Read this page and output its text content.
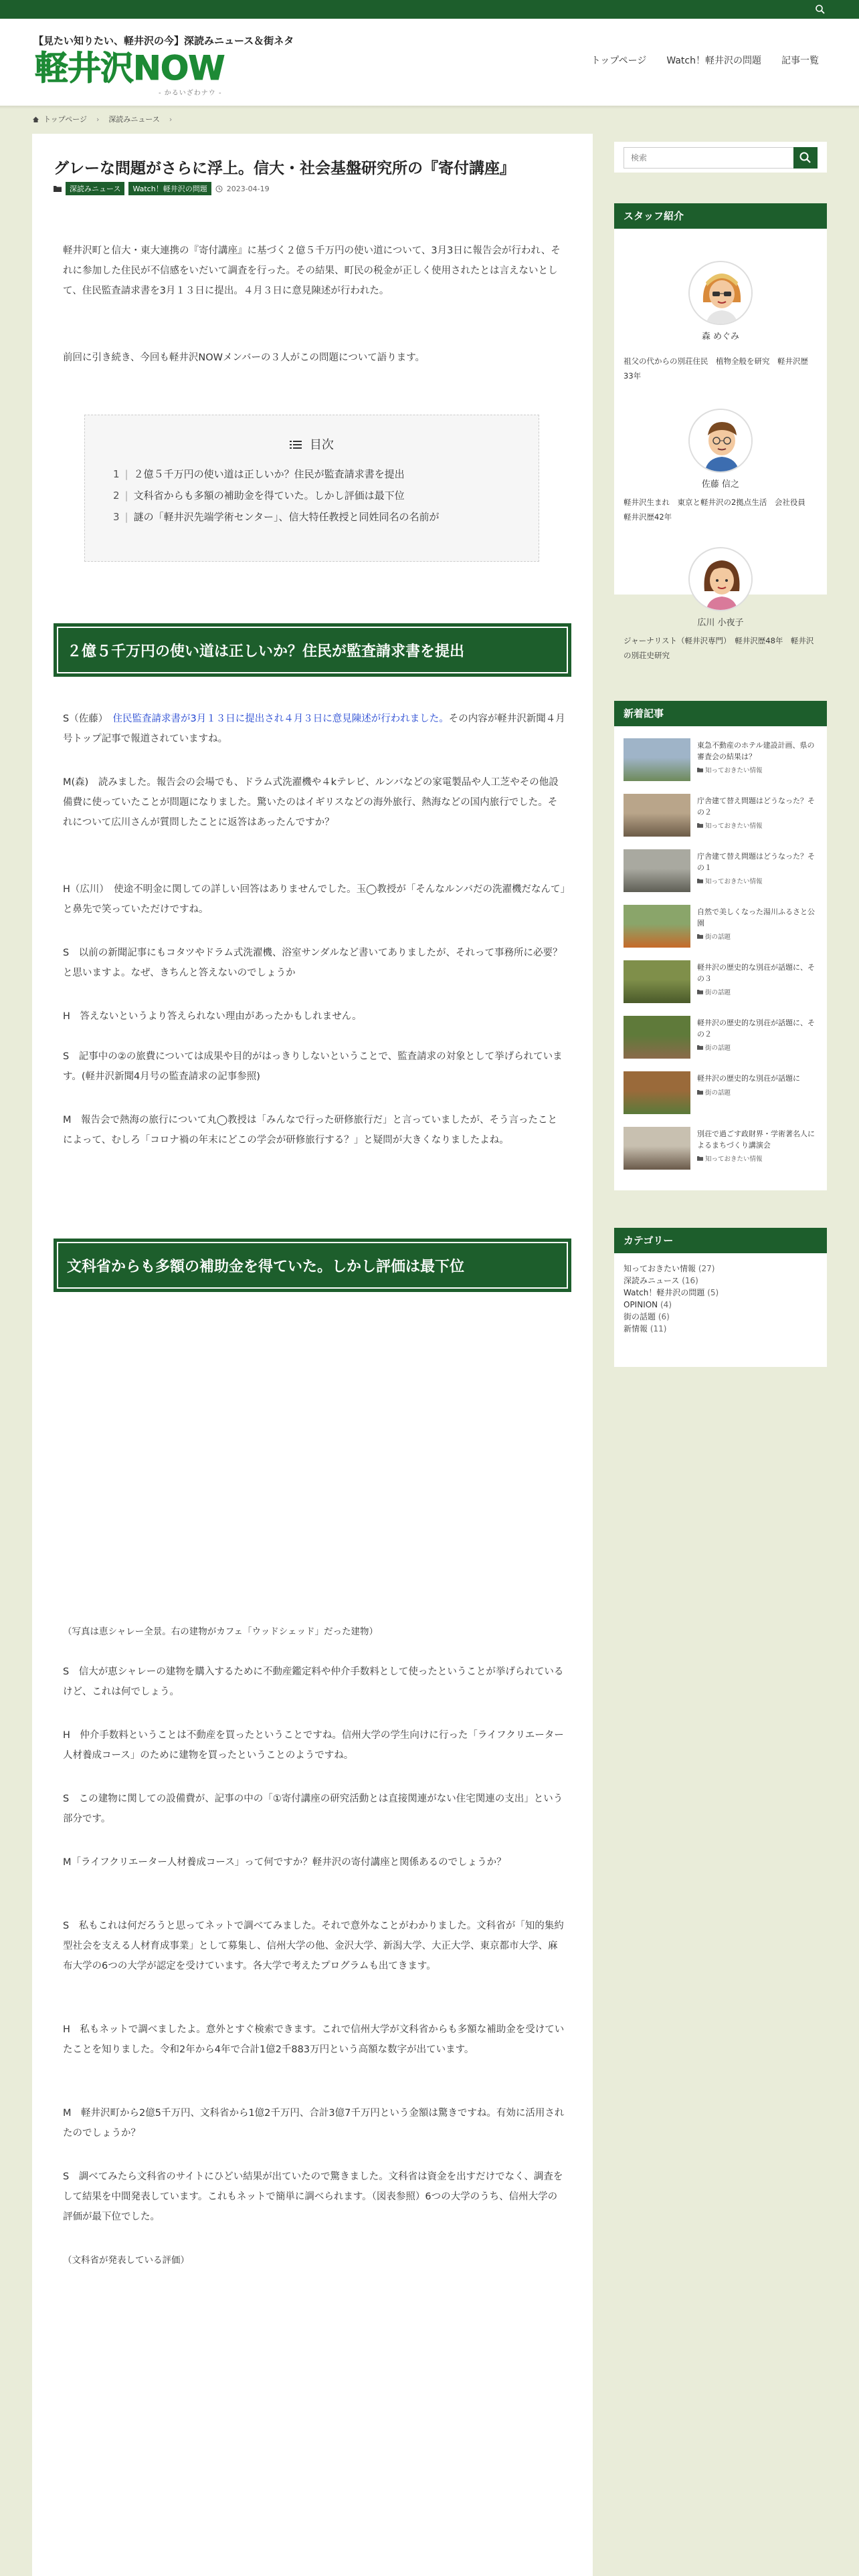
【見たい知りたい、軽井沢の今】深読みニュース＆街ネタ
軽井沢NOW
- かるいざわナウ -
トップページ Watch！軽井沢の問題 記事一覧
トップページ › 深読みニュース ›
グレーな問題がさらに浮上。信大・社会基盤研究所の『寄付講座』
深読みニュース	Watch！軽井沢の問題	2023-04-19

軽井沢町と信大・東大連携の『寄付講座』に基づく２億５千万円の使い道について、3月3日に報告会が行われ、それに参加した住民が不信感をいだいて調査を行った。その結果、町民の税金が正しく使用されたとは言えないとして、住民監査請求書を3月１３日に提出。４月３日に意見陳述が行われた。

前回に引き続き、今回も軽井沢NOWメンバーの３人がこの問題について語ります。

目次
1 | ２億５千万円の使い道は正しいか？住民が監査請求書を提出
2 | 文科省からも多額の補助金を得ていた。しかし評価は最下位
3 | 謎の「軽井沢先端学術センター」、信大特任教授と同姓同名の名前が
２億５千万円の使い道は正しいか？住民が監査請求書を提出

S（佐藤）　住民監査請求書が3月１３日に提出され４月３日に意見陳述が行われました。その内容が軽井沢新聞４月号トップ記事で報道されていますね。

M(森)　読みました。報告会の会場でも、ドラム式洗濯機や４kテレビ、ルンバなどの家電製品や人工芝やその他設備費に使っていたことが問題になりました。驚いたのはイギリスなどの海外旅行、熱海などの国内旅行でした。それについて広川さんが質問したことに返答はあったんですか？

H（広川）　使途不明金に関しての詳しい回答はありませんでした。玉◯教授が「そんなルンバだの洗濯機だなんて」と鼻先で笑っていただけですね。

S　以前の新聞記事にもコタツやドラム式洗濯機、浴室サンダルなど書いてありましたが、それって事務所に必要？と思いますよ。なぜ、きちんと答えないのでしょうか

H　答えないというより答えられない理由があったかもしれません。

S　記事中の②の旅費については成果や目的がはっきりしないということで、監査請求の対象として挙げられています。(軽井沢新聞4月号の監査請求の記事参照)

M　報告会で熱海の旅行について丸◯教授は「みんなで行った研修旅行だ」と言っていましたが、そう言ったことによって、むしろ「コロナ禍の年末にどこの学会が研修旅行する？」と疑問が大きくなりましたよね。

文科省からも多額の補助金を得ていた。しかし評価は最下位

（写真は恵シャレー全景。右の建物がカフェ「ウッドシェッド」だった建物）

S　信大が恵シャレーの建物を購入するために不動産鑑定料や仲介手数料として使ったということが挙げられているけど、これは何でしょう。

H　仲介手数料ということは不動産を買ったということですね。信州大学の学生向けに行った「ライフクリエーター人材養成コース」のために建物を買ったということのようですね。

S　この建物に関しての設備費が、記事の中の「①寄付講座の研究活動とは直接関連がない住宅関連の支出」という部分です。

M「ライフクリエーター人材養成コース」って何ですか？軽井沢の寄付講座と関係あるのでしょうか？

S　私もこれは何だろうと思ってネットで調べてみました。それで意外なことがわかりました。文科省が「知的集約型社会を支える人材育成事業」として募集し、信州大学の他、金沢大学、新潟大学、大正大学、東京都市大学、麻布大学の6つの大学が認定を受けています。各大学で考えたプログラムも出てきます。

H　私もネットで調べましたよ。意外とすぐ検索できます。これで信州大学が文科省からも多額な補助金を受けていたことを知りました。令和2年から4年で合計1億2千883万円という高額な数字が出ています。

M　軽井沢町から2億5千万円、文科省から1億2千万円、合計3億7千万円という金額は驚きですね。有効に活用されたのでしょうか？

S　調べてみたら文科省のサイトにひどい結果が出ていたので驚きました。文科省は資金を出すだけでなく、調査をして結果を中間発表しています。これもネットで簡単に調べられます。（図表参照）6つの大学のうち、信州大学の評価が最下位でした。

（文科省が発表している評価）

検索
スタッフ紹介
森 めぐみ
祖父の代からの別荘住民　植物全般を研究　軽井沢歴33年
佐藤 信之
軽井沢生まれ　東京と軽井沢の2拠点生活　会社役員　軽井沢歴42年
広川 小夜子
ジャーナリスト（軽井沢専門）　軽井沢歴48年　軽井沢の別荘史研究
新着記事
東急不動産のホテル建設計画、県の審査会の結果は？
知っておきたい情報
庁舎建て替え問題はどうなった？その２
知っておきたい情報
庁舎建て替え問題はどうなった？その１
知っておきたい情報
自然で美しくなった湯川ふるさと公園
街の話題
軽井沢の歴史的な別荘が話題に、その３
街の話題
軽井沢の歴史的な別荘が話題に、その２
街の話題
軽井沢の歴史的な別荘が話題に
街の話題
別荘で過ごす政財界・学術著名人によるまちづくり講演会
知っておきたい情報
カテゴリー
知っておきたい情報 (27)
深読みニュース (16)
Watch！軽井沢の問題 (5)
OPINION (4)
街の話題 (6)
新情報 (11)
